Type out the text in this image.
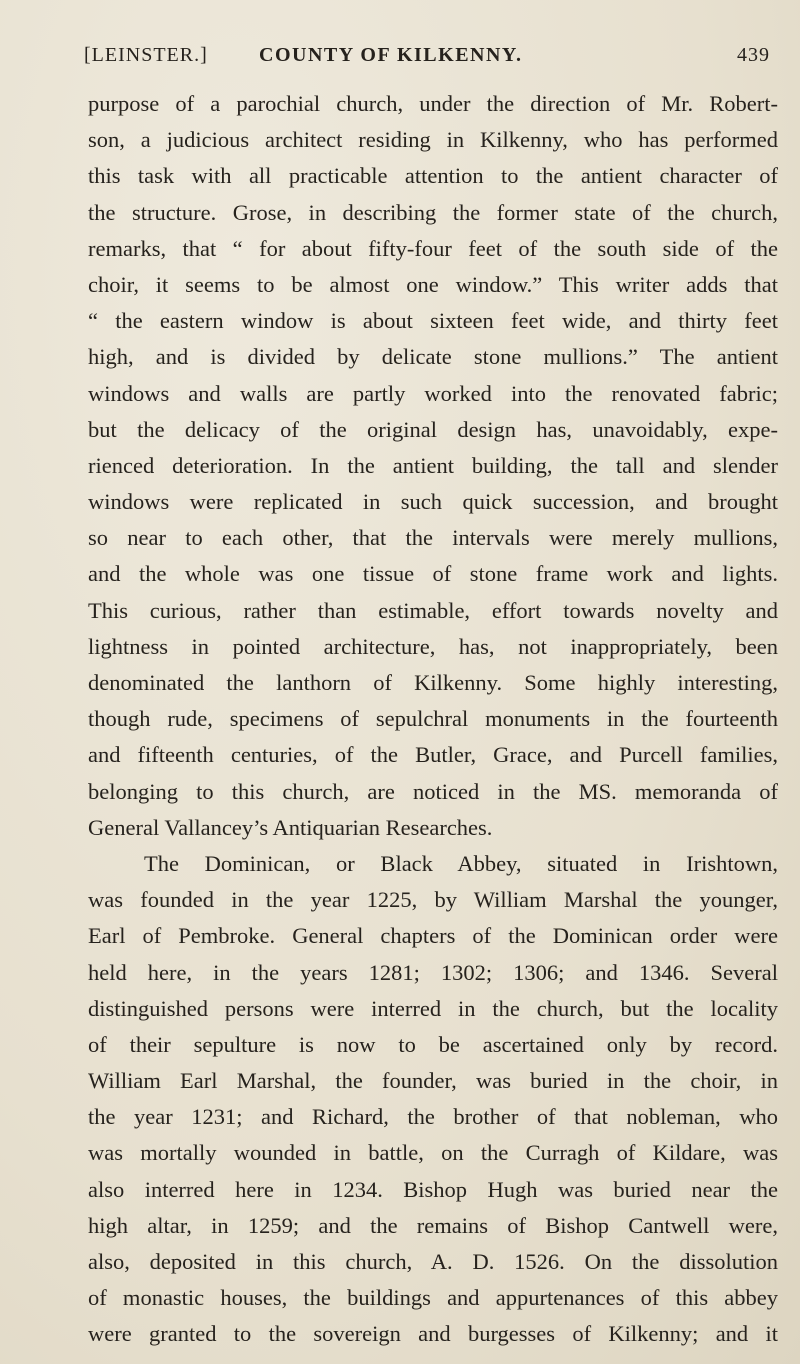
[LEINSTER.]	COUNTY OF KILKENNY.	439
purpose of a parochial church, under the direction of Mr. Robert-
son, a judicious architect residing in Kilkenny, who has performed
this task with all practicable attention to the antient character of
the structure. Grose, in describing the former state of the church,
remarks, that “ for about fifty-four feet of the south side of the
choir, it seems to be almost one window.” This writer adds that
“ the eastern window is about sixteen feet wide, and thirty feet
high, and is divided by delicate stone mullions.” The antient
windows and walls are partly worked into the renovated fabric;
but the delicacy of the original design has, unavoidably, expe-
rienced deterioration. In the antient building, the tall and slender
windows were replicated in such quick succession, and brought
so near to each other, that the intervals were merely mullions,
and the whole was one tissue of stone frame work and lights.
This curious, rather than estimable, effort towards novelty and
lightness in pointed architecture, has, not inappropriately, been
denominated the lanthorn of Kilkenny. Some highly interesting,
though rude, specimens of sepulchral monuments in the fourteenth
and fifteenth centuries, of the Butler, Grace, and Purcell families,
belonging to this church, are noticed in the MS. memoranda of
General Vallancey’s Antiquarian Researches.
The Dominican, or Black Abbey, situated in Irishtown,
was founded in the year 1225, by William Marshal the younger,
Earl of Pembroke. General chapters of the Dominican order were
held here, in the years 1281; 1302; 1306; and 1346. Several
distinguished persons were interred in the church, but the locality
of their sepulture is now to be ascertained only by record.
William Earl Marshal, the founder, was buried in the choir, in
the year 1231; and Richard, the brother of that nobleman, who
was mortally wounded in battle, on the Curragh of Kildare, was
also interred here in 1234. Bishop Hugh was buried near the
high altar, in 1259; and the remains of Bishop Cantwell were,
also, deposited in this church, A. D. 1526. On the dissolution
of monastic houses, the buildings and appurtenances of this abbey
were granted to the sovereign and burgesses of Kilkenny; and it
